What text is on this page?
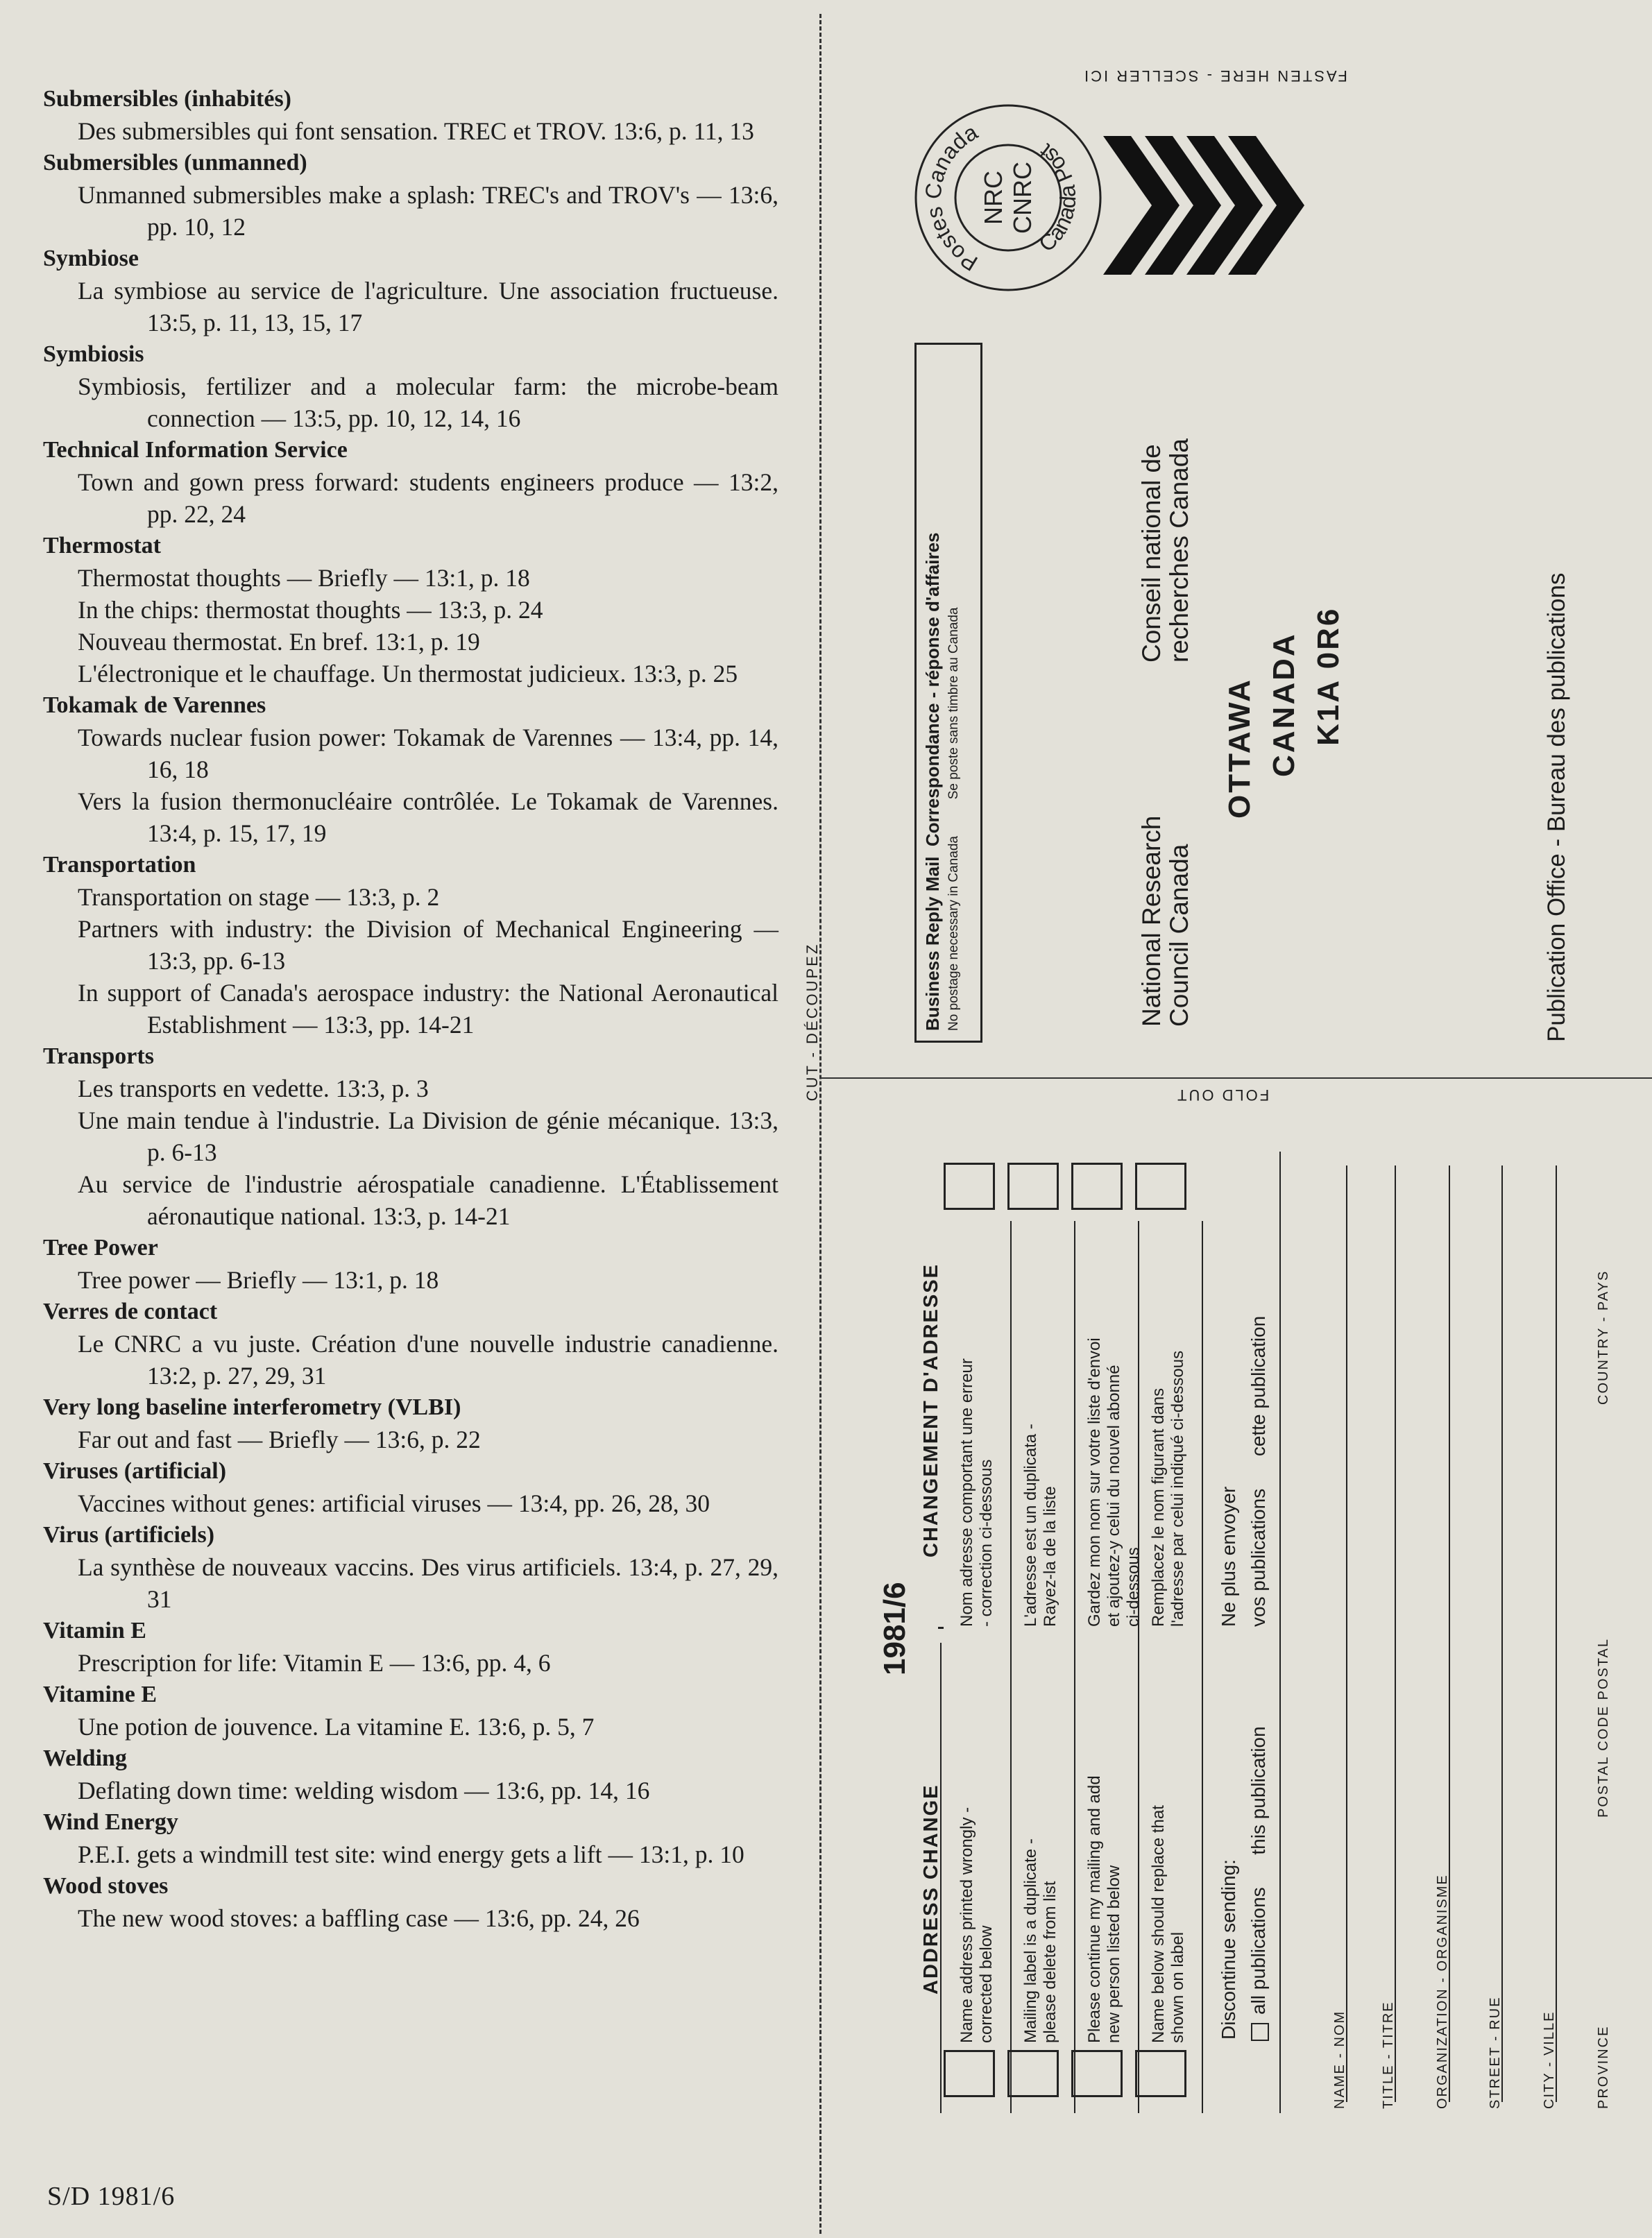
Submersibles (inhabités)
Des submersibles qui font sensation. TREC et TROV. 13:6, p. 11, 13
Submersibles (unmanned)
Unmanned submersibles make a splash: TREC's and TROV's — 13:6, pp. 10, 12
Symbiose
La symbiose au service de l'agriculture. Une association fructueuse. 13:5, p. 11, 13, 15, 17
Symbiosis
Symbiosis, fertilizer and a molecular farm: the microbe-beam connection — 13:5, pp. 10, 12, 14, 16
Technical Information Service
Town and gown press forward: students engineers produce — 13:2, pp. 22, 24
Thermostat
Thermostat thoughts — Briefly — 13:1, p. 18
In the chips: thermostat thoughts — 13:3, p. 24
Nouveau thermostat. En bref. 13:1, p. 19
L'électronique et le chauffage. Un thermostat judicieux. 13:3, p. 25
Tokamak de Varennes
Towards nuclear fusion power: Tokamak de Varennes — 13:4, pp. 14, 16, 18
Vers la fusion thermonucléaire contrôlée. Le Tokamak de Varennes. 13:4, p. 15, 17, 19
Transportation
Transportation on stage — 13:3, p. 2
Partners with industry: the Division of Mechanical Engineering — 13:3, pp. 6-13
In support of Canada's aerospace industry: the National Aeronautical Establishment — 13:3, pp. 14-21
Transports
Les transports en vedette. 13:3, p. 3
Une main tendue à l'industrie. La Division de génie mécanique. 13:3, p. 6-13
Au service de l'industrie aérospatiale canadienne. L'Établissement aéronautique national. 13:3, p. 14-21
Tree Power
Tree power — Briefly — 13:1, p. 18
Verres de contact
Le CNRC a vu juste. Création d'une nouvelle industrie canadienne. 13:2, p. 27, 29, 31
Very long baseline interferometry (VLBI)
Far out and fast — Briefly — 13:6, p. 22
Viruses (artificial)
Vaccines without genes: artificial viruses — 13:4, pp. 26, 28, 30
Virus (artificiels)
La synthèse de nouveaux vaccins. Des virus artificiels. 13:4, p. 27, 29, 31
Vitamin E
Prescription for life: Vitamin E — 13:6, pp. 4, 6
Vitamine E
Une potion de jouvence. La vitamine E. 13:6, p. 5, 7
Welding
Deflating down time: welding wisdom — 13:6, pp. 14, 16
Wind Energy
P.E.I. gets a windmill test site: wind energy gets a lift — 13:1, p. 10
Wood stoves
The new wood stoves: a baffling case — 13:6, pp. 24, 26
S/D 1981/6
CUT - DÉCOUPEZ
FASTEN HERE - SCELLER ICI
FOLD OUT
Postes Canada
Canada Post
NRC CNRC
Business Reply Mail  Correspondance - réponse d'affaires No postage necessary in Canada          Se poste sans timbre au Canada	National Research Council Canada
Conseil national de recherches Canada
OTTAWA CANADA K1A 0R6	Publication Office - Bureau des publications
1981/6
ADDRESS CHANGE
CHANGEMENT D'ADRESSE
Name address printed wrongly - corrected below
Nom adresse comportant une erreur - correction ci-dessous
Mailing label is a duplicate - please delete from list
L'adresse est un duplicata - Rayez-la de la liste
Please continue my mailing and add new person listed below
Gardez mon nom sur votre liste d'envoi et ajoutez-y celui du nouvel abonné ci-dessous
Name below should replace that shown on label
Remplacez le nom figurant dans l'adresse par celui indiqué ci-dessous
Discontinue sending: all publications      this publication
Ne plus envoyer vos publications      cette publication
NAME - NOM TITLE - TITRE	ORGANIZATION - ORGANISME	STREET - RUE	CITY - VILLE	PROVINCE
POSTAL CODE POSTAL
COUNTRY - PAYS
